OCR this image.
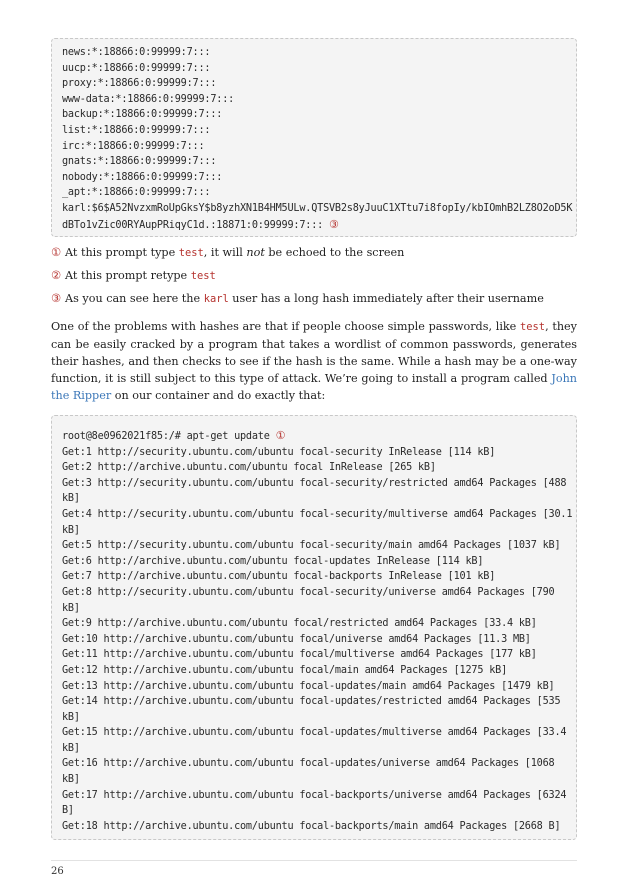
news:*:18866:0:99999:7:::
uucp:*:18866:0:99999:7:::
proxy:*:18866:0:99999:7:::
www-data:*:18866:0:99999:7:::
backup:*:18866:0:99999:7:::
list:*:18866:0:99999:7:::
irc:*:18866:0:99999:7:::
gnats:*:18866:0:99999:7:::
nobody:*:18866:0:99999:7:::
_apt:*:18866:0:99999:7:::
karl:$6$A52NvzxmRoUpGksY$b8yzhXN1B4HM5ULw.QTSVB2s8yJuuC1XTtu7i8fopIy/kbIOmhB2LZ8O2oD5K
dBTo1vZic00RYAupPRiqyC1d.:18871:0:99999:7::: ③
① At this prompt type test, it will not be echoed to the screen
② At this prompt retype test
③ As you can see here the karl user has a long hash immediately after their username
One of the problems with hashes are that if people choose simple passwords, like test, they can be easily cracked by a program that takes a wordlist of common passwords, generates their hashes, and then checks to see if the hash is the same. While a hash may be a one-way function, it is still subject to this type of attack. We’re going to install a program called John the Ripper on our container and do exactly that:
root@8e0962021f85:/# apt-get update ①
Get:1 http://security.ubuntu.com/ubuntu focal-security InRelease [114 kB]
Get:2 http://archive.ubuntu.com/ubuntu focal InRelease [265 kB]
Get:3 http://security.ubuntu.com/ubuntu focal-security/restricted amd64 Packages [488
kB]
Get:4 http://security.ubuntu.com/ubuntu focal-security/multiverse amd64 Packages [30.1
kB]
Get:5 http://security.ubuntu.com/ubuntu focal-security/main amd64 Packages [1037 kB]
Get:6 http://archive.ubuntu.com/ubuntu focal-updates InRelease [114 kB]
Get:7 http://archive.ubuntu.com/ubuntu focal-backports InRelease [101 kB]
Get:8 http://security.ubuntu.com/ubuntu focal-security/universe amd64 Packages [790
kB]
Get:9 http://archive.ubuntu.com/ubuntu focal/restricted amd64 Packages [33.4 kB]
Get:10 http://archive.ubuntu.com/ubuntu focal/universe amd64 Packages [11.3 MB]
Get:11 http://archive.ubuntu.com/ubuntu focal/multiverse amd64 Packages [177 kB]
Get:12 http://archive.ubuntu.com/ubuntu focal/main amd64 Packages [1275 kB]
Get:13 http://archive.ubuntu.com/ubuntu focal-updates/main amd64 Packages [1479 kB]
Get:14 http://archive.ubuntu.com/ubuntu focal-updates/restricted amd64 Packages [535
kB]
Get:15 http://archive.ubuntu.com/ubuntu focal-updates/multiverse amd64 Packages [33.4
kB]
Get:16 http://archive.ubuntu.com/ubuntu focal-updates/universe amd64 Packages [1068
kB]
Get:17 http://archive.ubuntu.com/ubuntu focal-backports/universe amd64 Packages [6324
B]
Get:18 http://archive.ubuntu.com/ubuntu focal-backports/main amd64 Packages [2668 B]
26
